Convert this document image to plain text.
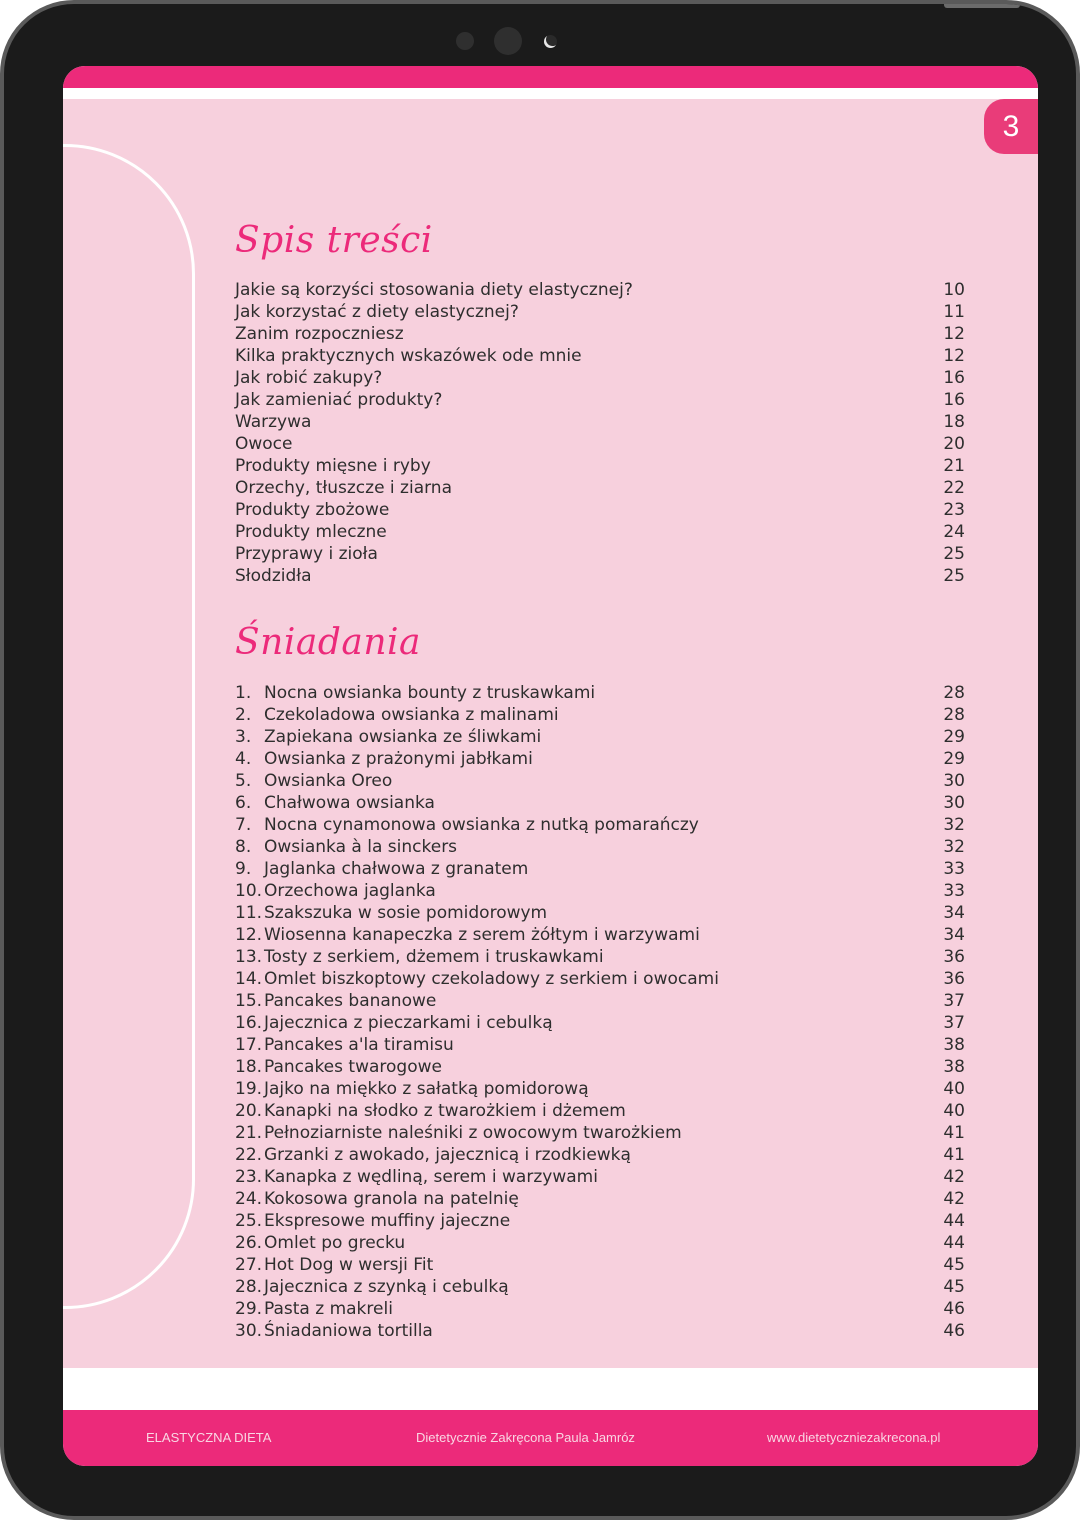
3
Spis treści
Jakie są korzyści stosowania diety elastycznej?	10
Jak korzystać z diety elastycznej?	11
Zanim rozpoczniesz	12
Kilka praktycznych wskazówek ode mnie	12
Jak robić zakupy?	16
Jak zamieniać produkty?	16
Warzywa	18
Owoce	20
Produkty mięsne i ryby	21
Orzechy, tłuszcze i ziarna	22
Produkty zbożowe	23
Produkty mleczne	24
Przyprawy i zioła	25
Słodzidła	25
Śniadania
1. Nocna owsianka bounty z truskawkami	28
2. Czekoladowa owsianka z malinami	28
3. Zapiekana owsianka ze śliwkami	29
4. Owsianka z prażonymi jabłkami	29
5. Owsianka Oreo	30
6. Chałwowa owsianka	30
7. Nocna cynamonowa owsianka z nutką pomarańczy	32
8. Owsianka à la sinckers	32
9. Jaglanka chałwowa z granatem	33
10. Orzechowa jaglanka	33
11. Szakszuka w sosie pomidorowym	34
12. Wiosenna kanapeczka z serem żółtym i warzywami	34
13. Tosty z serkiem, dżemem i truskawkami	36
14. Omlet biszkoptowy czekoladowy z serkiem i owocami	36
15. Pancakes bananowe	37
16. Jajecznica z pieczarkami i cebulką	37
17. Pancakes a'la tiramisu	38
18. Pancakes twarogowe	38
19. Jajko na miękko z sałatką pomidorową	40
20. Kanapki na słodko z twarożkiem i dżemem	40
21. Pełnoziarniste naleśniki z owocowym twarożkiem	41
22. Grzanki z awokado, jajecznicą i rzodkiewką	41
23. Kanapka z wędliną, serem i warzywami	42
24. Kokosowa granola na patelnię	42
25. Ekspresowe muffiny jajeczne	44
26. Omlet po grecku	44
27. Hot Dog w wersji Fit	45
28. Jajecznica z szynką i cebulką	45
29. Pasta z makreli	46
30. Śniadaniowa tortilla	46
ELASTYCZNA DIETA	Dietetycznie Zakręcona Paula Jamróz	www.dietetyczniezakrecona.pl
